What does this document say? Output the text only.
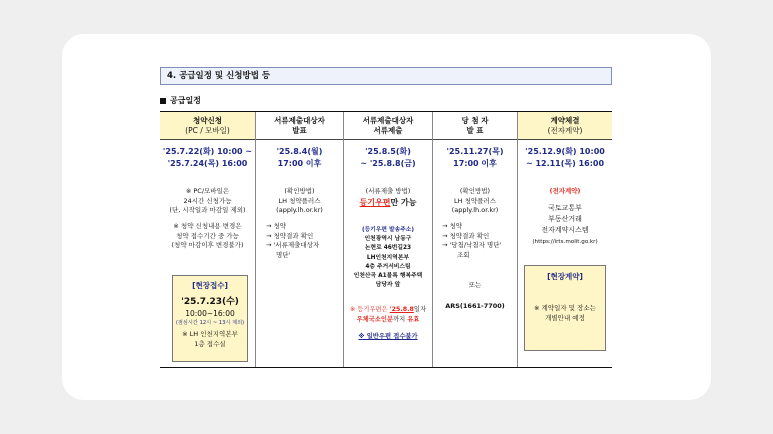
4. 공급일정 및 신청방법 등
공급일정
청약신청
(PC / 모바일)
'25.7.22(화) 10:00 ~
'25.7.24(목) 16:00
※ PC/모바일은
24시간 신청가능
(단, 시작일과 마감일 제외)
※ 청약 신청내용 변경은
청약 접수기간 중 가능
(청약 마감이후 변경불가)
[현장접수]
'25.7.23(수)
10:00~16:00
(점심시간 12시 ~ 13시 제외)
※ LH 인천지역본부
1층 접수실
서류제출대상자
발표
'25.8.4(월)
17:00 이후
(확인방법)
LH 청약플러스
(apply.lh.or.kr)
→ 청약
→ 청약결과 확인
→ '서류제출대상자
명단'
서류제출대상자
서류제출
'25.8.5(화)
~ '25.8.8(금)
(서류제출 방법)
등기우편만 가능
(등기우편 발송주소)
인천광역시 남동구
논현로 46번길23
LH인천지역본부
4층 주거서비스팀
인천산곡 A1블록 행복주택
담당자 앞
※ 등기우편은 '25.8.8일자
우체국소인분까지 유효
※ 일반우편 접수불가
당 첨 자
발 표
'25.11.27(목)
17:00 이후
(확인방법)
LH 청약플러스
(apply.lh.or.kr)
→ 청약
→ 청약결과 확인
→ '당첨/낙첨자 명단'
조회
또는
ARS(1661-7700)
계약체결
(전자계약)
'25.12.9(화) 10:00
~ 12.11(목) 16:00
(전자계약)
국토교통부
부동산거래
전자계약시스템
(https://irts.molit.go.kr)
[현장계약]
※ 계약일자 및 장소는
개별안내 예정
